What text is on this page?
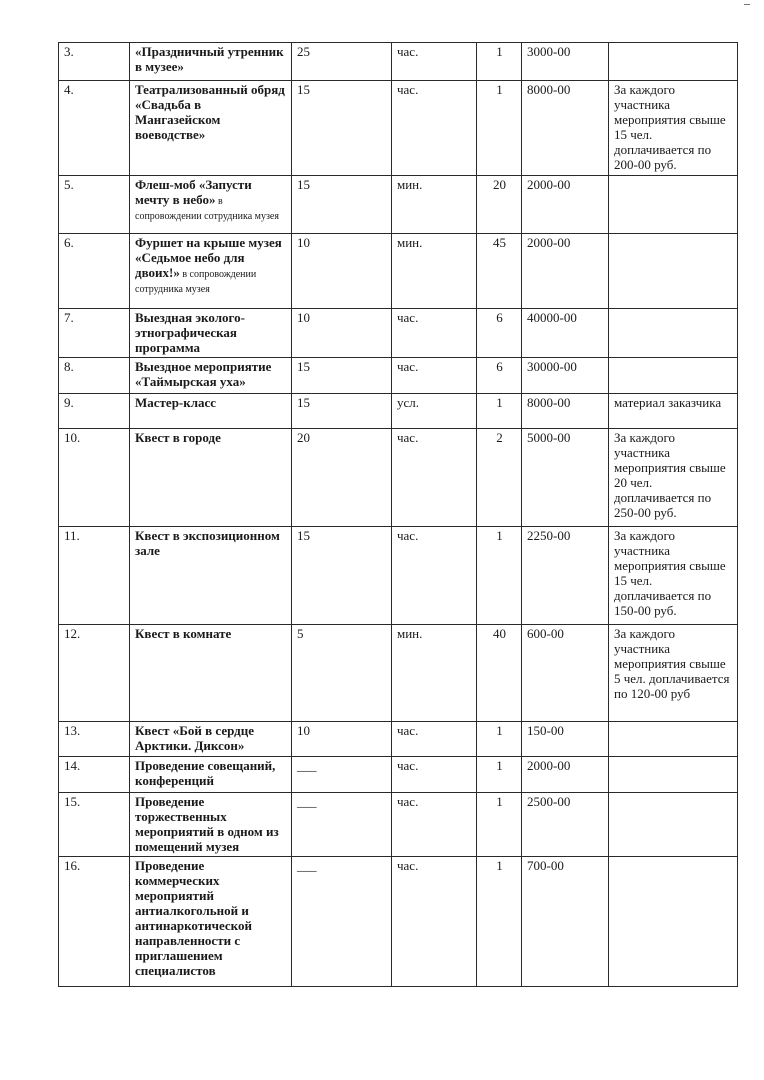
3.	«Праздничный утренник в музее»	25	час.	1	3000-00	
4.	Театрализованный обряд «Свадьба в Мангазейском воеводстве»	15	час.	1	8000-00	За каждого участника мероприятия свыше 15 чел. доплачивается по 200-00 руб.
5.	Флеш-моб «Запусти мечту в небо» в сопровождении сотрудника музея	15	мин.	20	2000-00	
6.	Фуршет на крыше музея «Седьмое небо для двоих!» в сопровождении сотрудника музея	10	мин.	45	2000-00	
7.	Выездная эколого-этнографическая программа	10	час.	6	40000-00	
8.	Выездное мероприятие «Таймырская уха»	15	час.	6	30000-00	
9.	Мастер-класс	15	усл.	1	8000-00	материал заказчика
10.	Квест в городе	20	час.	2	5000-00	За каждого участника мероприятия свыше 20 чел. доплачивается по 250-00 руб.
11.	Квест в экспозиционном зале	15	час.	1	2250-00	За каждого участника мероприятия свыше 15 чел. доплачивается по 150-00 руб.
12.	Квест в комнате	5	мин.	40	600-00	За каждого участника мероприятия свыше 5 чел. доплачивается по 120-00 руб
13.	Квест «Бой в сердце Арктики. Диксон»	10	час.	1	150-00	
14.	Проведение совещаний, конференций	___	час.	1	2000-00	
15.	Проведение торжественных мероприятий в одном из помещений музея	___	час.	1	2500-00	
16.	Проведение коммерческих мероприятий антиалкогольной и антинаркотической направленности с приглашением специалистов	___	час.	1	700-00	
